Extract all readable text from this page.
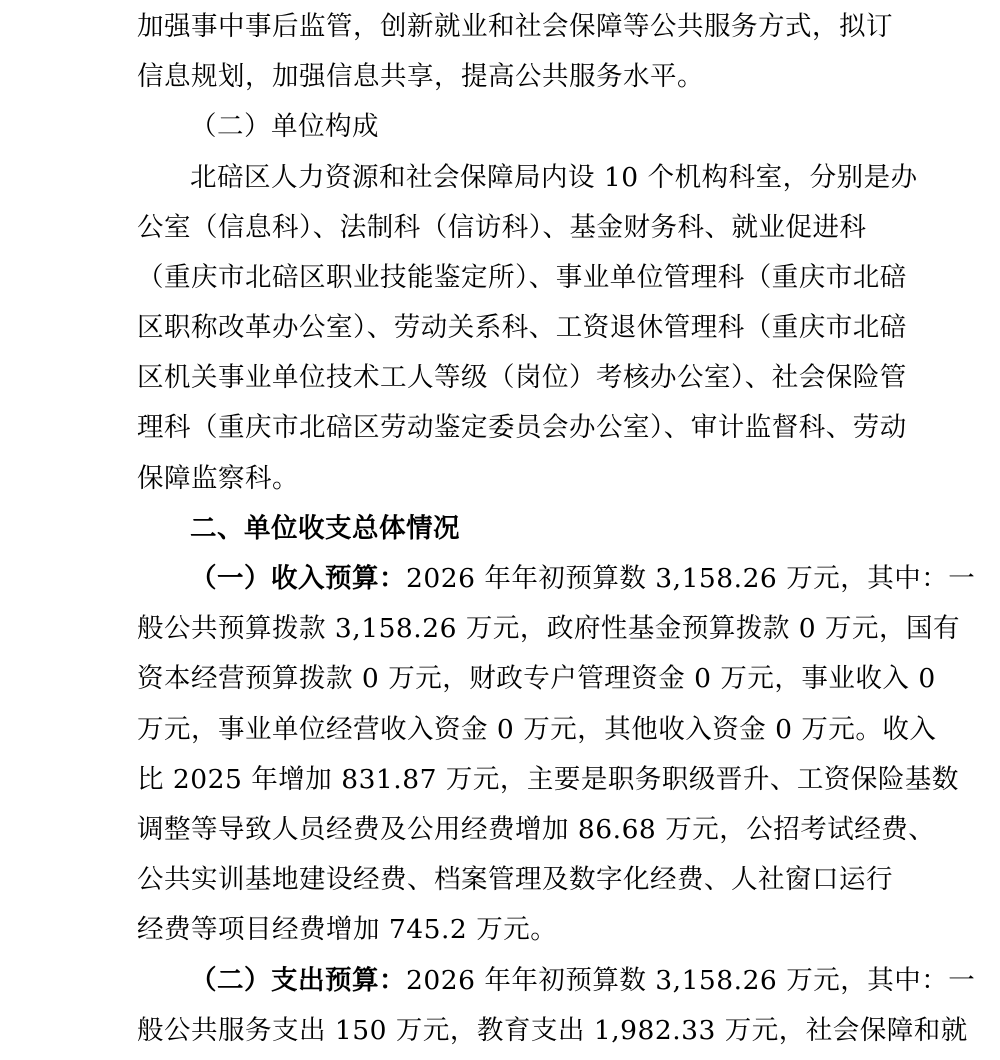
加强事中事后监管，创新就业和社会保障等公共服务方式，拟订
信息规划，加强信息共享，提高公共服务水平。
（二）单位构成
北碚区人力资源和社会保障局内设 10 个机构科室，分别是办
公室（信息科）、法制科（信访科）、基金财务科、就业促进科
（重庆市北碚区职业技能鉴定所）、事业单位管理科（重庆市北碚
区职称改革办公室）、劳动关系科、工资退休管理科（重庆市北碚
区机关事业单位技术工人等级（岗位）考核办公室）、社会保险管
理科（重庆市北碚区劳动鉴定委员会办公室）、审计监督科、劳动
保障监察科。
二、单位收支总体情况
（一）收入预算：2026 年年初预算数 3,158.26 万元，其中：一
般公共预算拨款 3,158.26 万元，政府性基金预算拨款 0 万元，国有
资本经营预算拨款 0 万元，财政专户管理资金 0 万元，事业收入 0
万元，事业单位经营收入资金 0 万元，其他收入资金 0 万元。收入
比 2025 年增加 831.87 万元，主要是职务职级晋升、工资保险基数
调整等导致人员经费及公用经费增加 86.68 万元，公招考试经费、
公共实训基地建设经费、档案管理及数字化经费、人社窗口运行
经费等项目经费增加 745.2 万元。
（二）支出预算：2026 年年初预算数 3,158.26 万元，其中：一
般公共服务支出 150 万元，教育支出 1,982.33 万元，社会保障和就
